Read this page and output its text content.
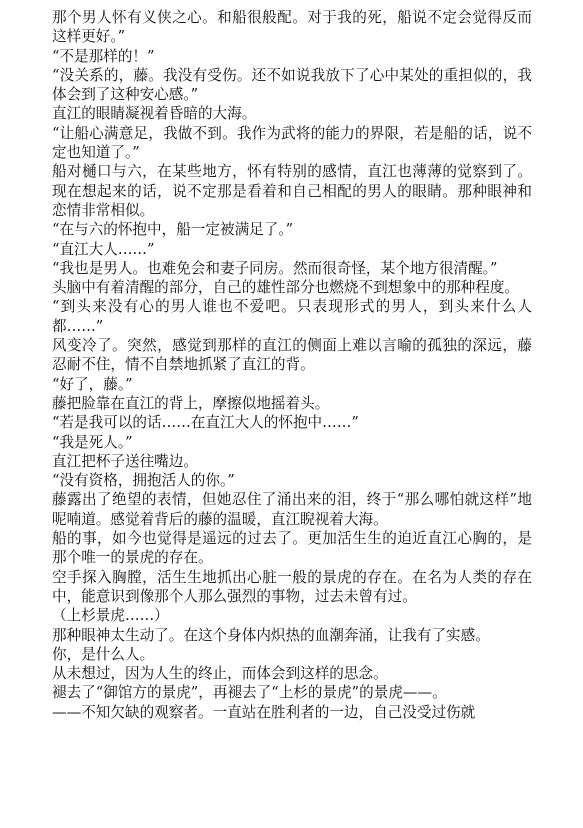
那个男人怀有义侠之心。和船很般配。对于我的死，船说不定会觉得反而这样更好。”

“不是那样的！”

“没关系的，藤。我没有受伤。还不如说我放下了心中某处的重担似的，我体会到了这种安心感。”

直江的眼睛凝视着昏暗的大海。

“让船心满意足，我做不到。我作为武将的能力的界限，若是船的话，说不定也知道了。”

船对樋口与六，在某些地方，怀有特别的感情，直江也薄薄的觉察到了。现在想起来的话，说不定那是看着和自己相配的男人的眼睛。那种眼神和恋情非常相似。

“在与六的怀抱中，船一定被满足了。”

“直江大人……”

“我也是男人。也难免会和妻子同房。然而很奇怪，某个地方很清醒。”

头脑中有着清醒的部分，自己的雄性部分也燃烧不到想象中的那种程度。

“到头来没有心的男人谁也不爱吧。只表现形式的男人，到头来什么人都……”

风变冷了。突然，感觉到那样的直江的侧面上难以言喻的孤独的深远，藤忍耐不住，情不自禁地抓紧了直江的背。

“好了，藤。”

藤把脸靠在直江的背上，摩擦似地摇着头。

“若是我可以的话……在直江大人的怀抱中……”

“我是死人。”

直江把杯子送往嘴边。

“没有资格，拥抱活人的你。”

藤露出了绝望的表情，但她忍住了涌出来的泪，终于“那么哪怕就这样”地呢喃道。感觉着背后的藤的温暖，直江睨视着大海。

船的事，如今也觉得是遥远的过去了。更加活生生的迫近直江心胸的，是那个唯一的景虎的存在。

空手探入胸膛，活生生地抓出心脏一般的景虎的存在。在名为人类的存在中，能意识到像那个人那么强烈的事物，过去未曾有过。

（上杉景虎……）

那种眼神太生动了。在这个身体内炽热的血潮奔涌，让我有了实感。

你，是什么人。

从未想过，因为人生的终止，而体会到这样的思念。

褪去了“御馆方的景虎”，再褪去了“上杉的景虎”的景虎——。

——不知欠缺的观察者。一直站在胜利者的一边，自己没受过伤就
